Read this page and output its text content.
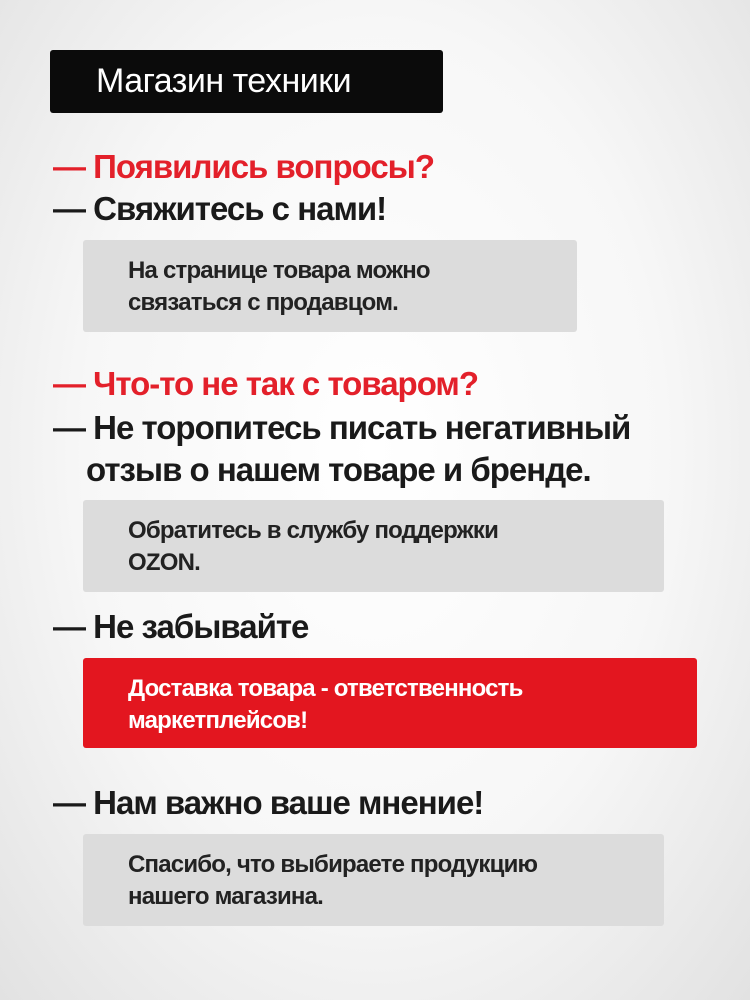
Магазин техники
— Появились вопросы?
— Свяжитесь с нами!
На странице товара можно
связаться с продавцом.
— Что-то не так с товаром?
— Не торопитесь писать негативный
отзыв о нашем товаре и бренде.
Обратитесь в службу поддержки
OZON.
— Не забывайте
Доставка товара - ответственность
маркетплейсов!
— Нам важно ваше мнение!
Спасибо, что выбираете продукцию
нашего магазина.
